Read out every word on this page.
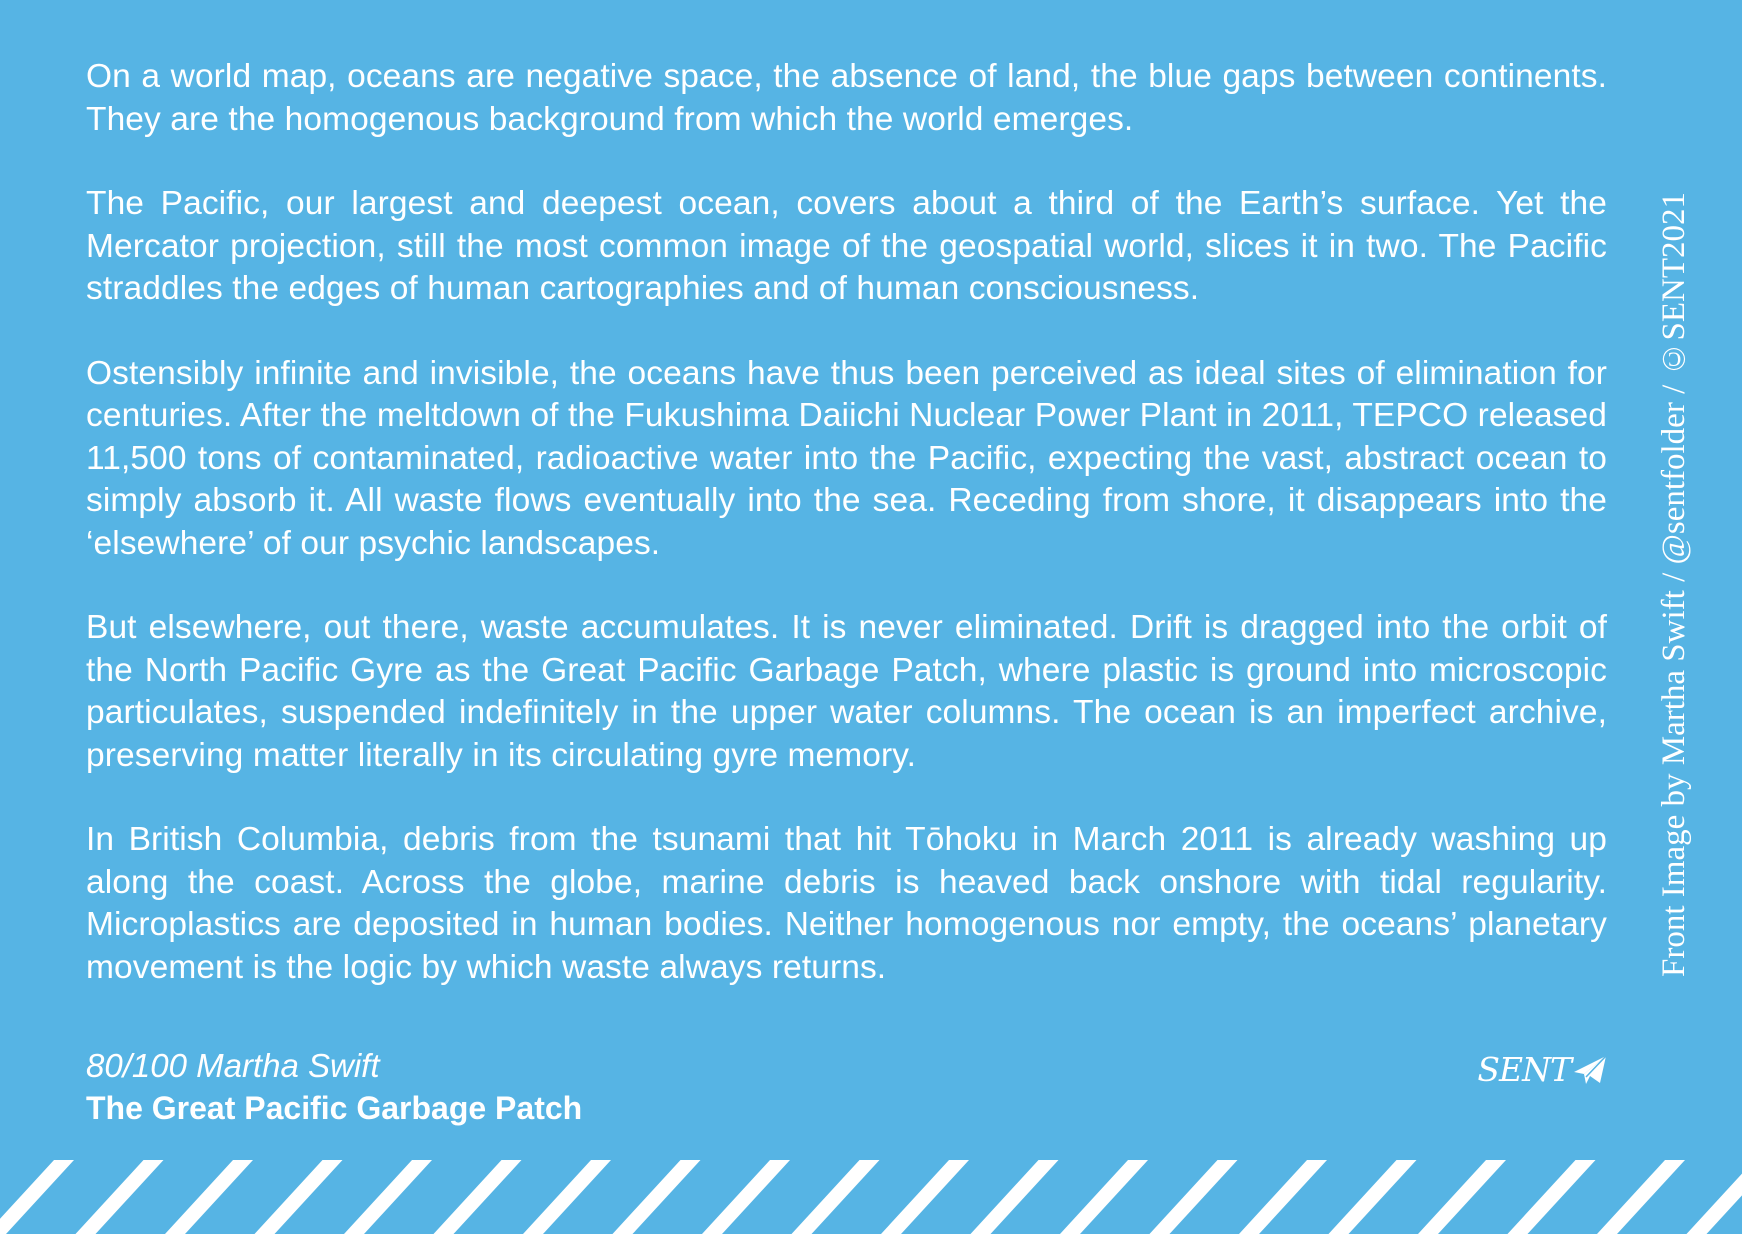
On a world map, oceans are negative space, the absence of land, the blue gaps between continents. They are the homogenous background from which the world emerges.

The Pacific, our largest and deepest ocean, covers about a third of the Earth’s surface. Yet the Mercator projection, still the most common image of the geospatial world, slices it in two. The Pacific straddles the edges of human cartographies and of human consciousness.

Ostensibly infinite and invisible, the oceans have thus been perceived as ideal sites of elimination for centuries. After the meltdown of the Fukushima Daiichi Nuclear Power Plant in 2011, TEPCO released 11,500 tons of contaminated, radioactive water into the Pacific, expecting the vast, abstract ocean to simply absorb it. All waste flows eventually into the sea. Receding from shore, it disappears into the ‘elsewhere’ of our psychic landscapes.

But elsewhere, out there, waste accumulates. It is never eliminated. Drift is dragged into the orbit of the North Pacific Gyre as the Great Pacific Garbage Patch, where plastic is ground into microscopic particulates, suspended indefinitely in the upper water columns. The ocean is an imperfect archive, preserving matter literally in its circulating gyre memory.

In British Columbia, debris from the tsunami that hit Tōhoku in March 2011 is already washing up along the coast. Across the globe, marine debris is heaved back onshore with tidal regularity. Microplastics are deposited in human bodies. Neither homogenous nor empty, the oceans’ planetary movement is the logic by which waste always returns.

80/100 Martha Swift
The Great Pacific Garbage Patch
SENT
Front Image by Martha Swift / @sentfolder / ©SENT2021
